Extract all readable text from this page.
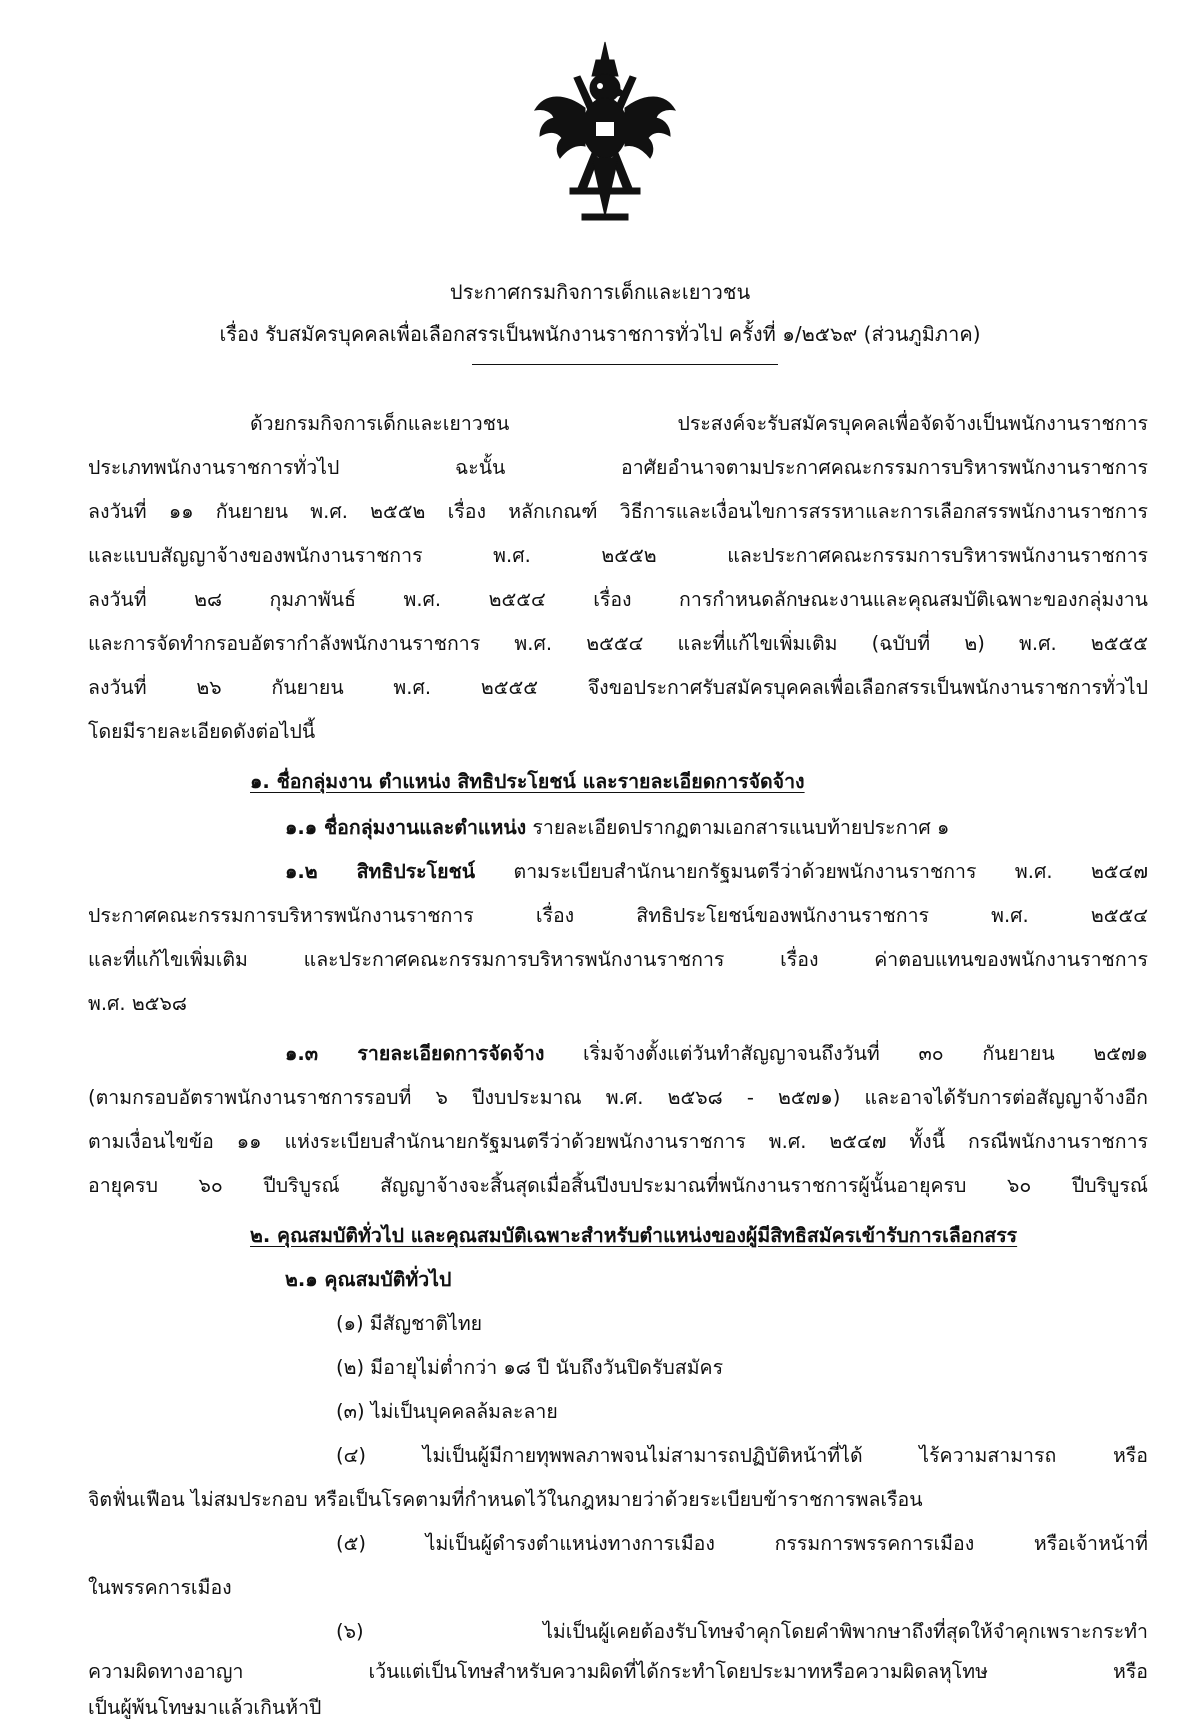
ประกาศกรมกิจการเด็กและเยาวชน
เรื่อง รับสมัครบุคคลเพื่อเลือกสรรเป็นพนักงานราชการทั่วไป ครั้งที่ ๑/๒๕๖๙ (ส่วนภูมิภาค)
ด้วยกรมกิจการเด็กและเยาวชน ประสงค์จะรับสมัครบุคคลเพื่อจัดจ้างเป็นพนักงานราชการ
ประเภทพนักงานราชการทั่วไป ฉะนั้น อาศัยอำนาจตามประกาศคณะกรรมการบริหารพนักงานราชการ
ลงวันที่ ๑๑ กันยายน พ.ศ. ๒๕๕๒ เรื่อง หลักเกณฑ์ วิธีการและเงื่อนไขการสรรหาและการเลือกสรรพนักงานราชการ
และแบบสัญญาจ้างของพนักงานราชการ พ.ศ. ๒๕๕๒ และประกาศคณะกรรมการบริหารพนักงานราชการ
ลงวันที่ ๒๘ กุมภาพันธ์ พ.ศ. ๒๕๕๔ เรื่อง การกำหนดลักษณะงานและคุณสมบัติเฉพาะของกลุ่มงาน
และการจัดทำกรอบอัตรากำลังพนักงานราชการ พ.ศ. ๒๕๕๔ และที่แก้ไขเพิ่มเติม (ฉบับที่ ๒) พ.ศ. ๒๕๕๕
ลงวันที่ ๒๖ กันยายน พ.ศ. ๒๕๕๕ จึงขอประกาศรับสมัครบุคคลเพื่อเลือกสรรเป็นพนักงานราชการทั่วไป
โดยมีรายละเอียดดังต่อไปนี้
๑. ชื่อกลุ่มงาน ตำแหน่ง สิทธิประโยชน์ และรายละเอียดการจัดจ้าง
๑.๑ ชื่อกลุ่มงานและตำแหน่ง รายละเอียดปรากฏตามเอกสารแนบท้ายประกาศ ๑
๑.๒ สิทธิประโยชน์ ตามระเบียบสำนักนายกรัฐมนตรีว่าด้วยพนักงานราชการ พ.ศ. ๒๕๔๗
ประกาศคณะกรรมการบริหารพนักงานราชการ เรื่อง สิทธิประโยชน์ของพนักงานราชการ พ.ศ. ๒๕๕๔
และที่แก้ไขเพิ่มเติม และประกาศคณะกรรมการบริหารพนักงานราชการ เรื่อง ค่าตอบแทนของพนักงานราชการ
พ.ศ. ๒๕๖๘
๑.๓ รายละเอียดการจัดจ้าง เริ่มจ้างตั้งแต่วันทำสัญญาจนถึงวันที่ ๓๐ กันยายน ๒๕๗๑
(ตามกรอบอัตราพนักงานราชการรอบที่ ๖ ปีงบประมาณ พ.ศ. ๒๕๖๘ - ๒๕๗๑) และอาจได้รับการต่อสัญญาจ้างอีก
ตามเงื่อนไขข้อ ๑๑ แห่งระเบียบสำนักนายกรัฐมนตรีว่าด้วยพนักงานราชการ พ.ศ. ๒๕๔๗ ทั้งนี้ กรณีพนักงานราชการ
อายุครบ ๖๐ ปีบริบูรณ์ สัญญาจ้างจะสิ้นสุดเมื่อสิ้นปีงบประมาณที่พนักงานราชการผู้นั้นอายุครบ ๖๐ ปีบริบูรณ์
๒. คุณสมบัติทั่วไป และคุณสมบัติเฉพาะสำหรับตำแหน่งของผู้มีสิทธิสมัครเข้ารับการเลือกสรร
๒.๑ คุณสมบัติทั่วไป
(๑) มีสัญชาติไทย
(๒) มีอายุไม่ต่ำกว่า ๑๘ ปี นับถึงวันปิดรับสมัคร
(๓) ไม่เป็นบุคคลล้มละลาย
(๔) ไม่เป็นผู้มีกายทุพพลภาพจนไม่สามารถปฏิบัติหน้าที่ได้ ไร้ความสามารถ หรือ
จิตฟั่นเฟือน ไม่สมประกอบ หรือเป็นโรคตามที่กำหนดไว้ในกฎหมายว่าด้วยระเบียบข้าราชการพลเรือน
(๕) ไม่เป็นผู้ดำรงตำแหน่งทางการเมือง กรรมการพรรคการเมือง หรือเจ้าหน้าที่
ในพรรคการเมือง
(๖) ไม่เป็นผู้เคยต้องรับโทษจำคุกโดยคำพิพากษาถึงที่สุดให้จำคุกเพราะกระทำ
ความผิดทางอาญา เว้นแต่เป็นโทษสำหรับความผิดที่ได้กระทำโดยประมาทหรือความผิดลหุโทษ หรือ
เป็นผู้พ้นโทษมาแล้วเกินห้าปี
